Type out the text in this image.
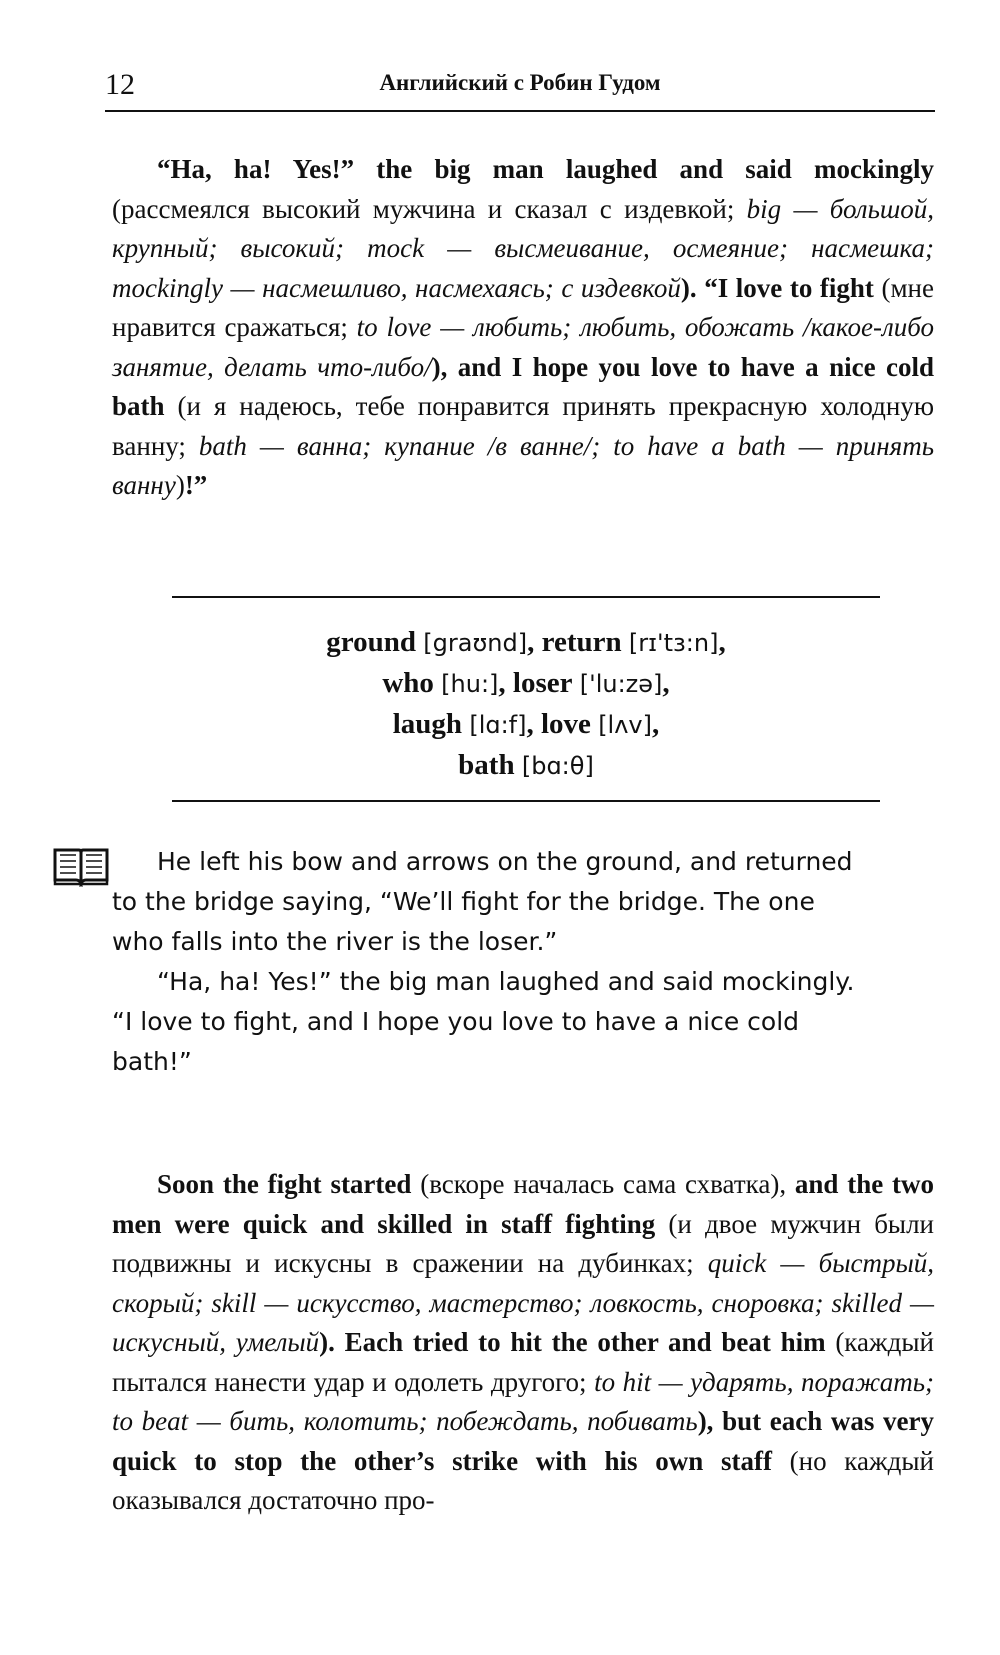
12	Английский с Робин Гудом

“Ha, ha! Yes!” the big man laughed and said mockingly (рассмеялся высокий мужчина и сказал с издевкой; big — большой, крупный; высокий; mock — высмеивание, осмеяние; насмешка; mockingly — насмешливо, насмехаясь; с издевкой). “I love to fight (мне нравится сражаться; to love — любить; любить, обожать /какое-либо занятие, делать что-либо/), and I hope you love to have a nice cold bath (и я надеюсь, тебе понравится принять прекрасную холодную ванну; bath — ванна; купание /в ванне/; to have a bath — принять ванну)!”

ground [graʊnd], return [rɪ'tɜ:n],
who [hu:], loser ['lu:zə],
laugh [lɑ:f], love [lʌv],
bath [bɑ:θ]
He left his bow and arrows on the ground, and returned
to the bridge saying, “We’ll fight for the bridge. The one
who falls into the river is the loser.”
“Ha, ha! Yes!” the big man laughed and said mockingly.
“I love to fight, and I hope you love to have a nice cold
bath!”

Soon the fight started (вскоре началась сама схватка), and the two men were quick and skilled in staff fighting (и двое мужчин были подвижны и искусны в сражении на дубинках; quick — быстрый, скорый; skill — искусство, мастерство; ловкость, сноровка; skilled — искусный, умелый). Each tried to hit the other and beat him (каждый пытался нанести удар и одолеть другого; to hit — ударять, поражать; to beat — бить, колотить; побеждать, побивать), but each was very quick to stop the other’s strike with his own staff (но каждый оказывался достаточно про-
